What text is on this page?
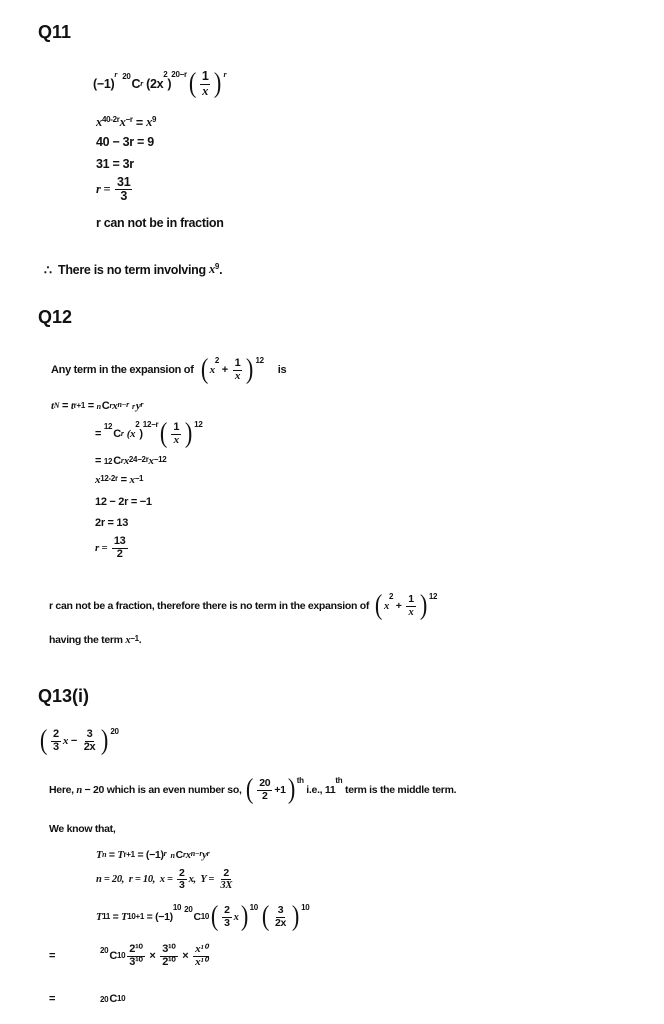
Q11
(−1)
r 20
C r (2x
2
)
20−r ( $\frac{1}{x}$ ) r
x 40-2r x −r = x 9
40 − 3r = 9
31 = 3r
$r = \frac{31}{3}$
r can not be in fraction
∴  There is no term involving x 9 .
Q12
Any term in the expansion of ( x
2
+ $\frac{1}{x}$ ) 12
is
t N = t r+1 = n C r x n−r r y r
=
12
C r (x
2
)
12−r ( $\frac{1}{x}$ ) 12
= 12 C r x 24−2r x −12
x 12-2r = x −1
12 − 2r = −1
2r = 13
$r = \frac{13}{2}$
r can not be a fraction, therefore there is no term in the expansion of ( x
2
+ $\frac{1}{x}$ ) 12
having the term x −1 .
Q13(i)
( $\frac{2}{3}$ $x - \frac{3}{2x}$ ) 20
Here, n − 20 which is an even number so, ( $\frac{20}{2} +1$ ) th
i.e., 11
th
term is the middle term.
We know that,
T n = T r+1 = (−1) r n C r x n−r y r
n = 20,  r = 10,  $x = \frac{2}{3} x$,  $Y = \frac{2}{3X}$
T 11 = T 10+1 = (−1)
10 20
C 10 ( $\frac{2}{3}$ x ) 10 ( $\frac{3}{2x}$ ) 10
=	20 C $10 \frac{\text{2¹⁰}}{\text{3¹⁰}} \times \frac{\text{3¹⁰}}{\text{2¹⁰}} \times \frac{\text{x¹⁰}}{\text{x¹⁰}}$
=	20 C 10
